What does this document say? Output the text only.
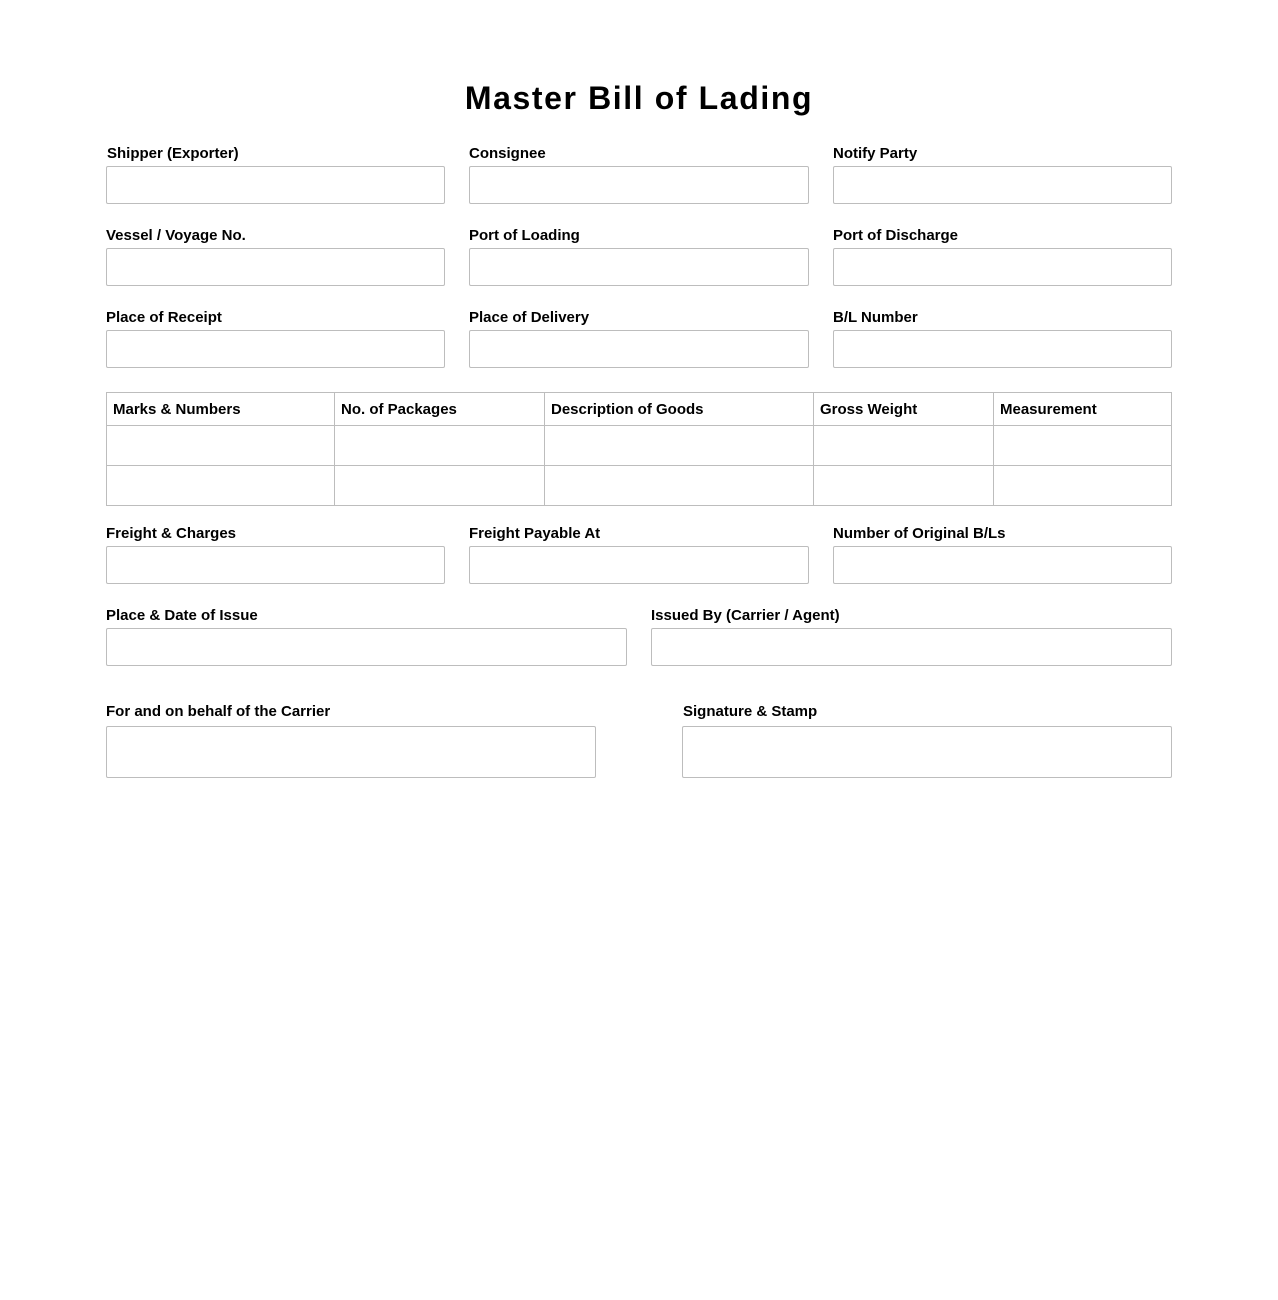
Master Bill of Lading
Shipper (Exporter)	Consignee	Notify Party
Vessel / Voyage No.	Port of Loading	Port of Discharge
Place of Receipt	Place of Delivery	B/L Number
Marks & Numbers	No. of Packages	Description of Goods	Gross Weight	Measurement

Freight & Charges	Freight Payable At	Number of Original B/Ls
Place & Date of Issue	Issued By (Carrier / Agent)
For and on behalf of the Carrier	Signature & Stamp
